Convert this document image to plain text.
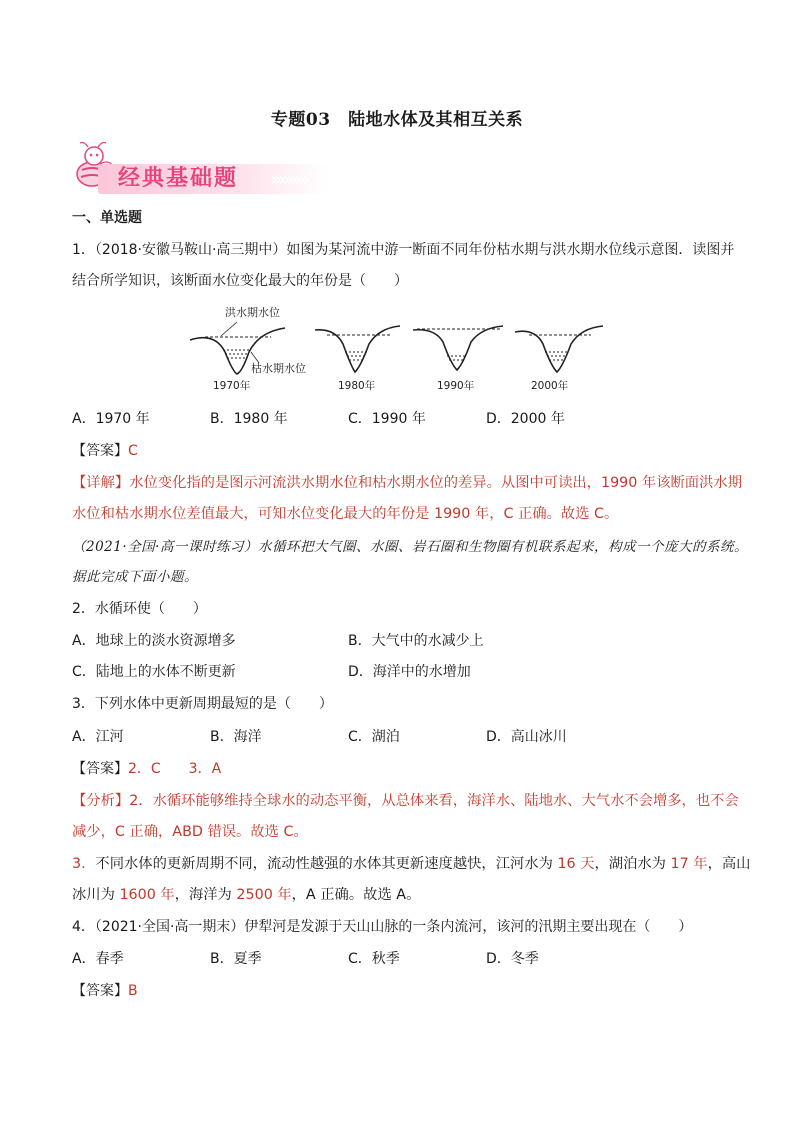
专题03　陆地水体及其相互关系
经典基础题 ›››››››››
一、单选题
1．（2018·安徽马鞍山·高三期中）如图为某河流中游一断面不同年份枯水期与洪水期水位线示意图．读图并
结合所学知识，该断面水位变化最大的年份是（　　）
洪水期水位
枯水期水位
1970年	1980年	1990年	2000年
A．1970 年	B．1980 年	C．1990 年	D．2000 年
【答案】C
【详解】水位变化指的是图示河流洪水期水位和枯水期水位的差异。从图中可读出，1990 年该断面洪水期
水位和枯水期水位差值最大，可知水位变化最大的年份是 1990 年，C 正确。故选 C。
（2021·全国·高一课时练习）水循环把大气圈、水圈、岩石圈和生物圈有机联系起来，构成一个庞大的系统。
据此完成下面小题。
2．水循环使（　　）
A．地球上的淡水资源增多	B．大气中的水减少上
C．陆地上的水体不断更新	D．海洋中的水增加
3．下列水体中更新周期最短的是（　　）
A．江河	B．海洋	C．湖泊	D．高山冰川
【答案】2．C　　3．A
【分析】2．水循环能够维持全球水的动态平衡，从总体来看，海洋水、陆地水、大气水不会增多，也不会
减少，C 正确，ABD 错误。故选 C。
3．不同水体的更新周期不同，流动性越强的水体其更新速度越快，江河水为 16 天，湖泊水为 17 年，高山
冰川为 1600 年，海洋为 2500 年，A 正确。故选 A。
4．（2021·全国·高一期末）伊犁河是发源于天山山脉的一条内流河，该河的汛期主要出现在（　　）
A．春季	B．夏季	C．秋季	D．冬季
【答案】B
